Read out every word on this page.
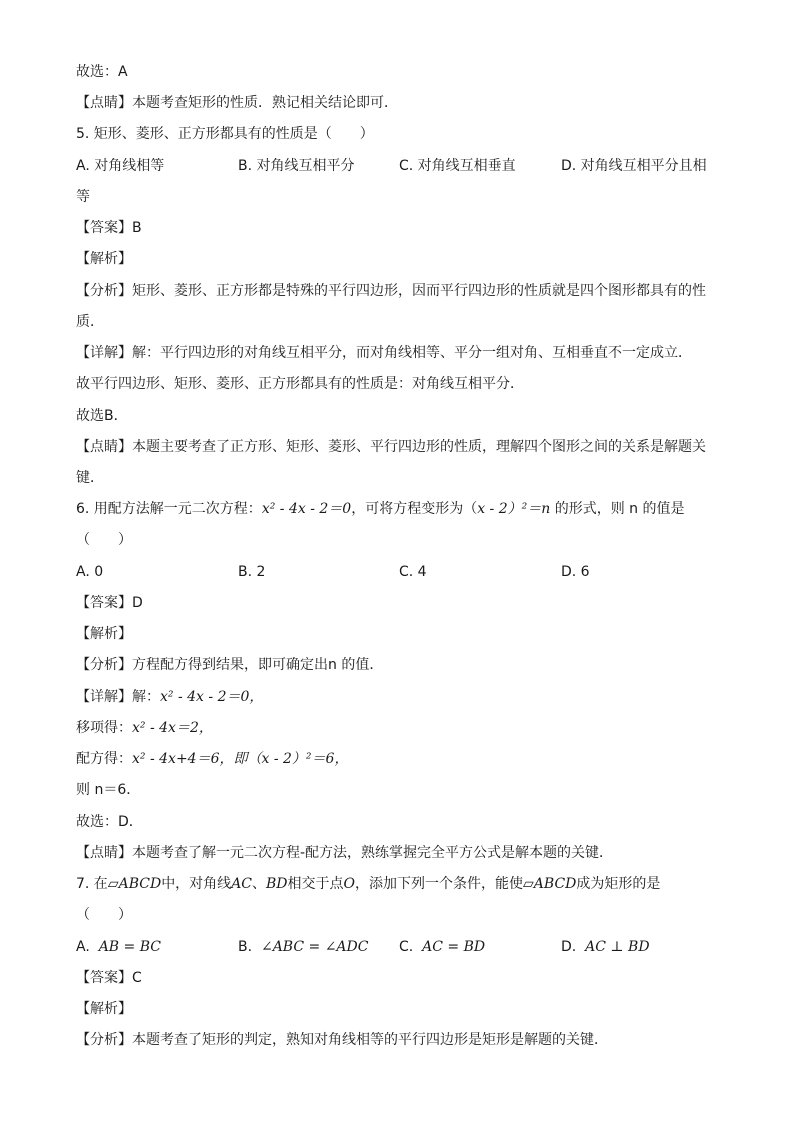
故选：A
【点睛】本题考查矩形的性质．熟记相关结论即可．
5. 矩形、菱形、正方形都具有的性质是（　　）
A. 对角线相等	B. 对角线互相平分	C. 对角线互相垂直	D. 对角线互相平分且相
等
【答案】B
【解析】
【分析】矩形、菱形、正方形都是特殊的平行四边形，因而平行四边形的性质就是四个图形都具有的性
质．
【详解】解：平行四边形的对角线互相平分，而对角线相等、平分一组对角、互相垂直不一定成立．
故平行四边形、矩形、菱形、正方形都具有的性质是：对角线互相平分．
故选B．
【点睛】本题主要考查了正方形、矩形、菱形、平行四边形的性质，理解四个图形之间的关系是解题关
键．
6. 用配方法解一元二次方程：x² - 4x - 2＝0，可将方程变形为（x - 2）²＝n 的形式，则 n 的值是
（　　）
A. 0	B. 2	C. 4	D. 6
【答案】D
【解析】
【分析】方程配方得到结果，即可确定出n 的值．
【详解】解：x² - 4x - 2＝0，
移项得：x² - 4x＝2，
配方得：x² - 4x+4＝6，即（x - 2）²＝6，
则 n＝6．
故选：D．
【点睛】本题考查了解一元二次方程-配方法，熟练掌握完全平方公式是解本题的关键．
7. 在▱ABCD中，对角线AC、BD相交于点O，添加下列一个条件，能使▱ABCD成为矩形的是
（　　）
A. AB = BC	B. ∠ABC = ∠ADC C. AC = BD	D. AC ⊥ BD
【答案】C
【解析】
【分析】本题考查了矩形的判定，熟知对角线相等的平行四边形是矩形是解题的关键．
